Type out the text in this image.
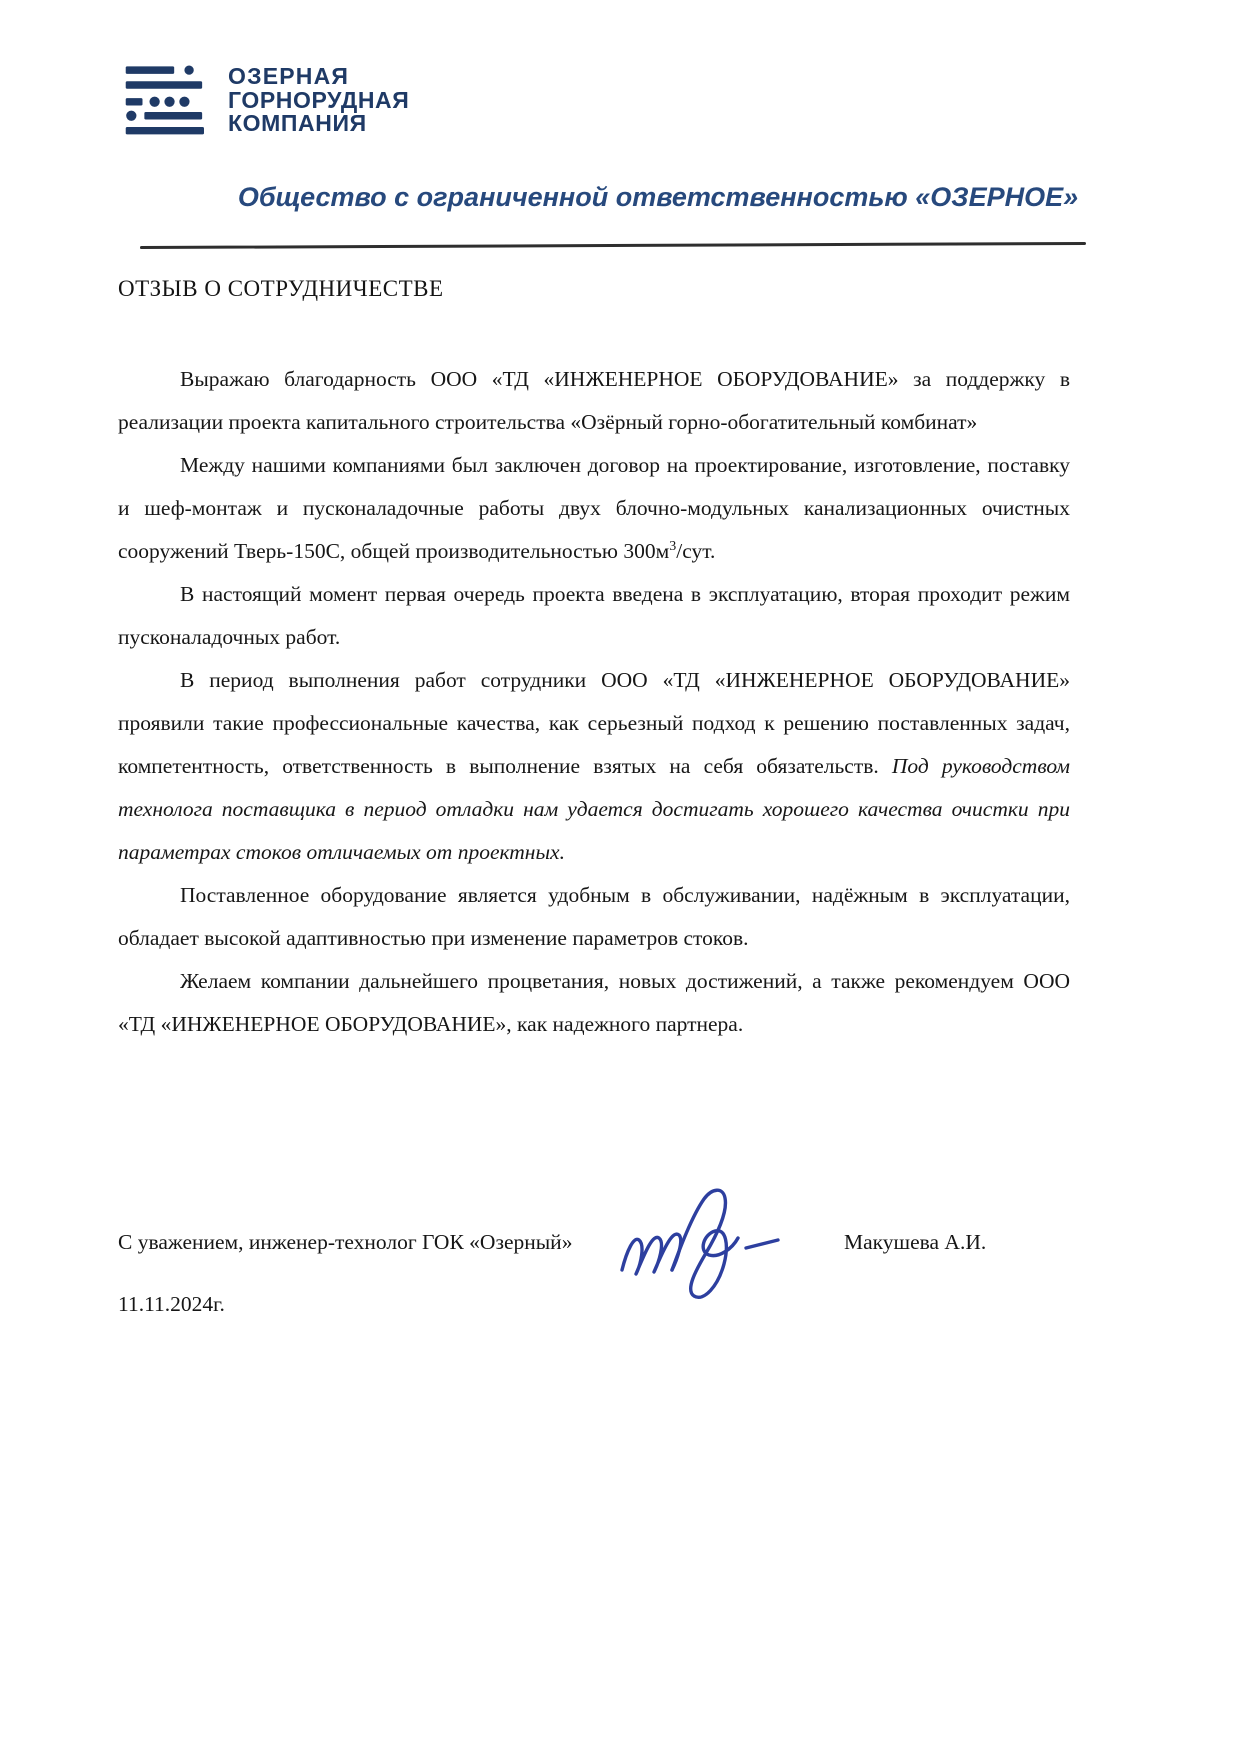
ОЗЕРНАЯ
ГОРНОРУДНАЯ
КОМПАНИЯ
Общество с ограниченной ответственностью «ОЗЕРНОЕ»
ОТЗЫВ О СОТРУДНИЧЕСТВЕ

Выражаю благодарность ООО «ТД «ИНЖЕНЕРНОЕ ОБОРУДОВАНИЕ» за поддержку в реализации проекта капитального строительства «Озёрный горно-обогатительный комбинат»

Между нашими компаниями был заключен договор на проектирование, изготовление, поставку и шеф-монтаж и пусконаладочные работы двух блочно-модульных канализационных очистных сооружений Тверь-150С, общей производительностью $300м^3$/сут.

В настоящий момент первая очередь проекта введена в эксплуатацию, вторая проходит режим пусконаладочных работ.

В период выполнения работ сотрудники ООО «ТД «ИНЖЕНЕРНОЕ ОБОРУДОВАНИЕ» проявили такие профессиональные качества, как серьезный подход к решению поставленных задач, компетентность, ответственность в выполнение взятых на себя обязательств. Под руководством технолога поставщика в период отладки нам удается достигать хорошего качества очистки при параметрах стоков отличаемых от проектных.

Поставленное оборудование является удобным в обслуживании, надёжным в эксплуатации, обладает высокой адаптивностью при изменение параметров стоков.

Желаем компании дальнейшего процветания, новых достижений, а также рекомендуем ООО «ТД «ИНЖЕНЕРНОЕ ОБОРУДОВАНИЕ», как надежного партнера.

С уважением, инженер-технолог ГОК «Озерный»	Макушева А.И.
11.11.2024г.
